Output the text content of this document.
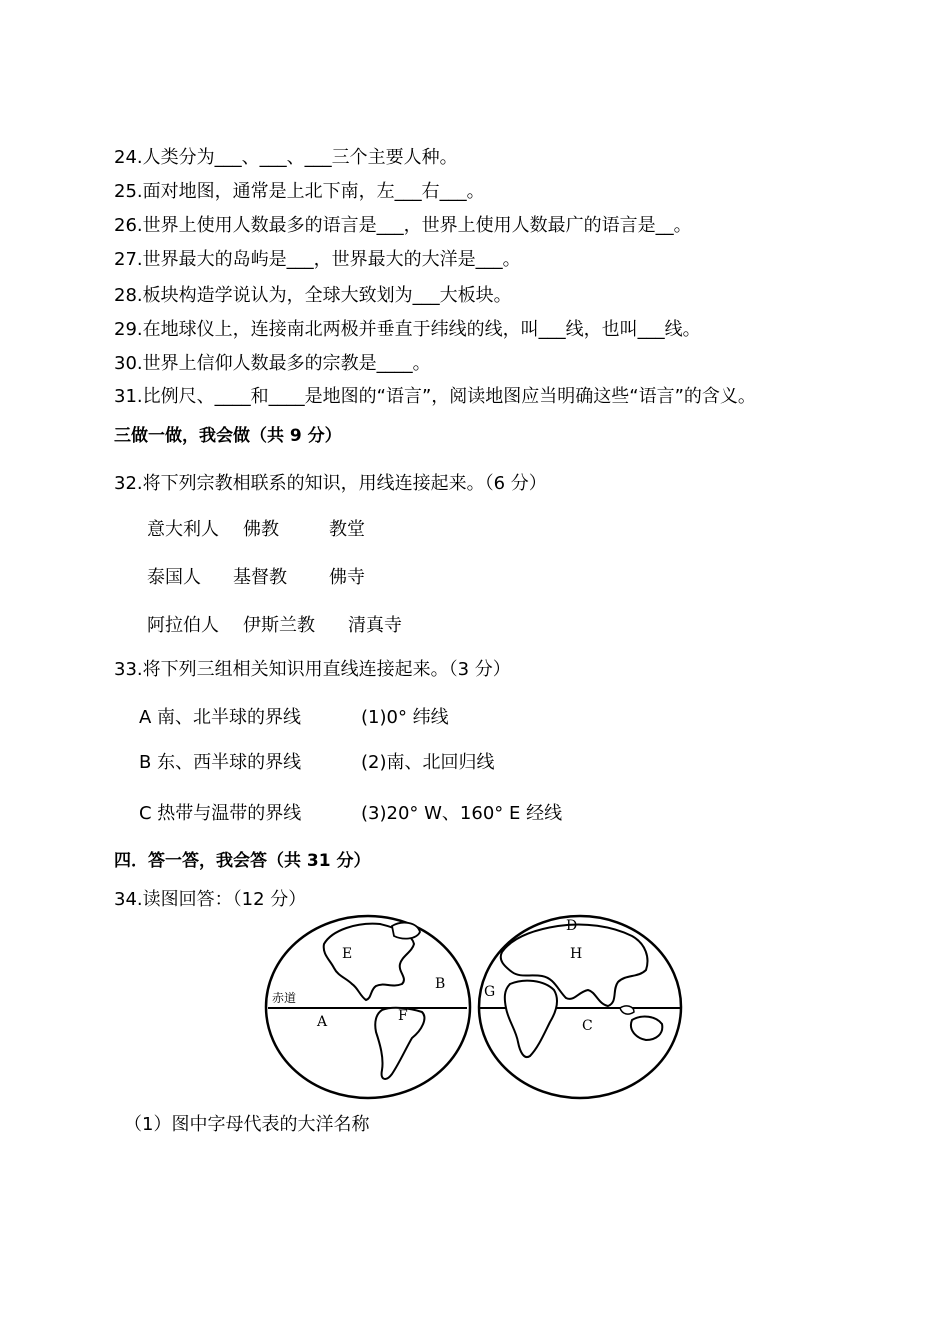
24.人类分为___、___、___三个主要人种。
25.面对地图，通常是上北下南，左___右___。
26.世界上使用人数最多的语言是___，世界上使用人数最广的语言是__。
27.世界最大的岛屿是___，世界最大的大洋是___。
28.板块构造学说认为，全球大致划为___大板块。
29.在地球仪上，连接南北两极并垂直于纬线的线，叫___线，也叫___线。
30.世界上信仰人数最多的宗教是____。
31.比例尺、____和____是地图的“语言”，阅读地图应当明确这些“语言”的含义。
三做一做，我会做（共 9 分）
32.将下列宗教相联系的知识，用线连接起来。（6 分）
意大利人 佛教	教堂
泰国人 基督教 佛寺
阿拉伯人 伊斯兰教 清真寺
33.将下列三组相关知识用直线连接起来。（3 分）
A 南、北半球的界线	(1)0° 纬线
B 东、西半球的界线	(2)南、北回归线
C 热带与温带的界线	(3)20° W、160° E 经线
四．答一答，我会答（共 31 分）
34.读图回答：（12 分）
E
B
A	F
G
D
H
C
赤道
（1）图中字母代表的大洋名称
